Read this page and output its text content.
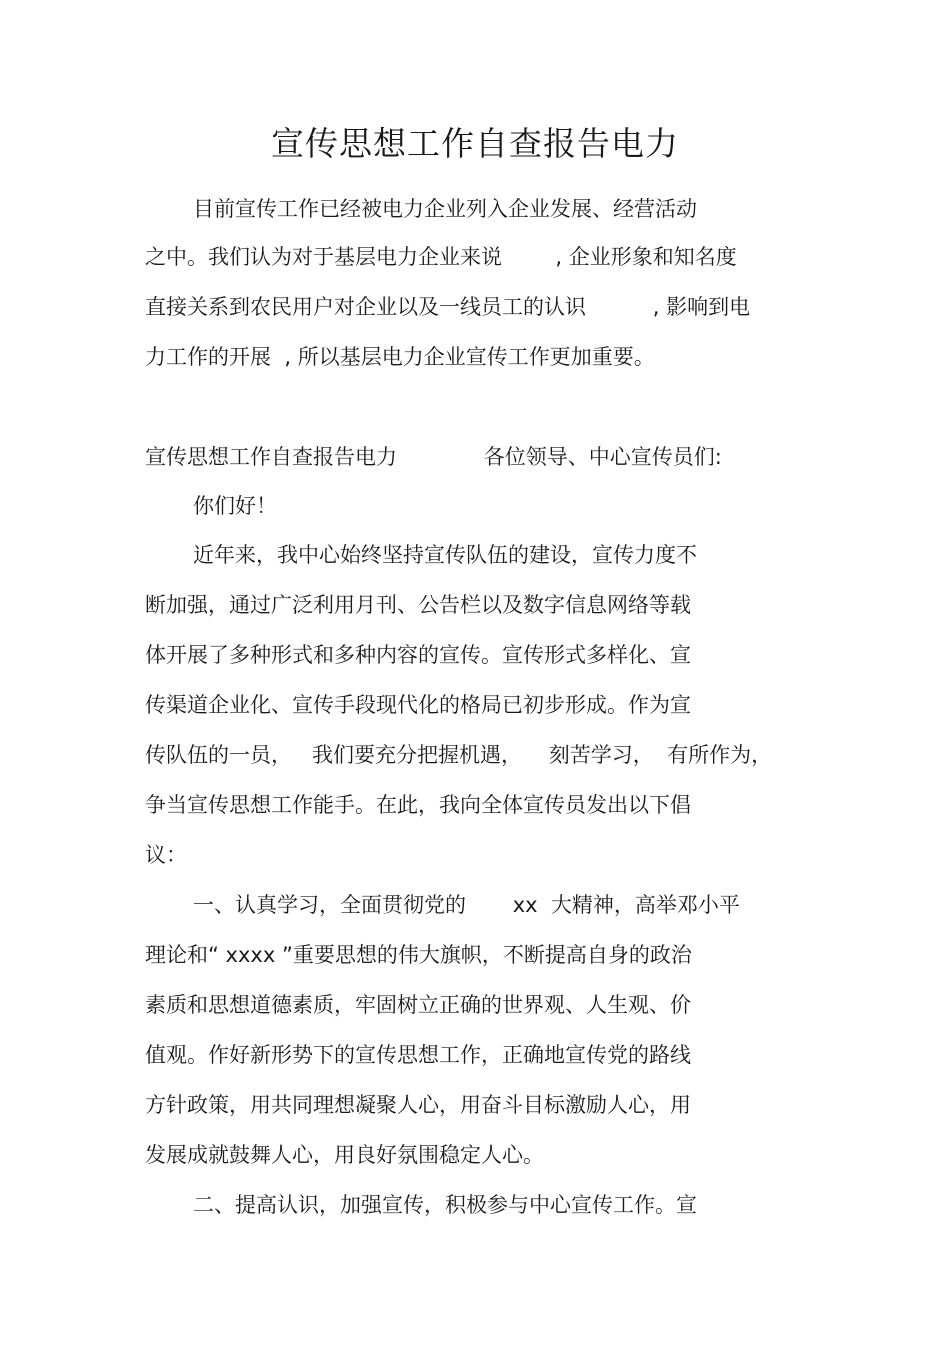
宣传思想工作自查报告电力
目前宣传工作已经被电力企业列入企业发展、经营活动
之中。我们认为对于基层电力企业来说        , 企业形象和知名度
直接关系到农民用户对企业以及一线员工的认识          , 影响到电
力工作的开展  , 所以基层电力企业宣传工作更加重要。
宣传思想工作自查报告电力             各位领导、中心宣传员们:
你们好！
近年来，我中心始终坚持宣传队伍的建设，宣传力度不
断加强，通过广泛利用月刊、公告栏以及数字信息网络等载
体开展了多种形式和多种内容的宣传。宣传形式多样化、宣
传渠道企业化、宣传手段现代化的格局已初步形成。作为宣
传队伍的一员，   我们要充分把握机遇，    刻苦学习，  有所作为，
争当宣传思想工作能手。在此，我向全体宣传员发出以下倡
议：
一、认真学习，全面贯彻党的       xx  大精神，高举邓小平
理论和“ xxxx ”重要思想的伟大旗帜，不断提高自身的政治
素质和思想道德素质，牢固树立正确的世界观、人生观、价
值观。作好新形势下的宣传思想工作，正确地宣传党的路线
方针政策，用共同理想凝聚人心，用奋斗目标激励人心，用
发展成就鼓舞人心，用良好氛围稳定人心。
二、提高认识，加强宣传，积极参与中心宣传工作。宣
